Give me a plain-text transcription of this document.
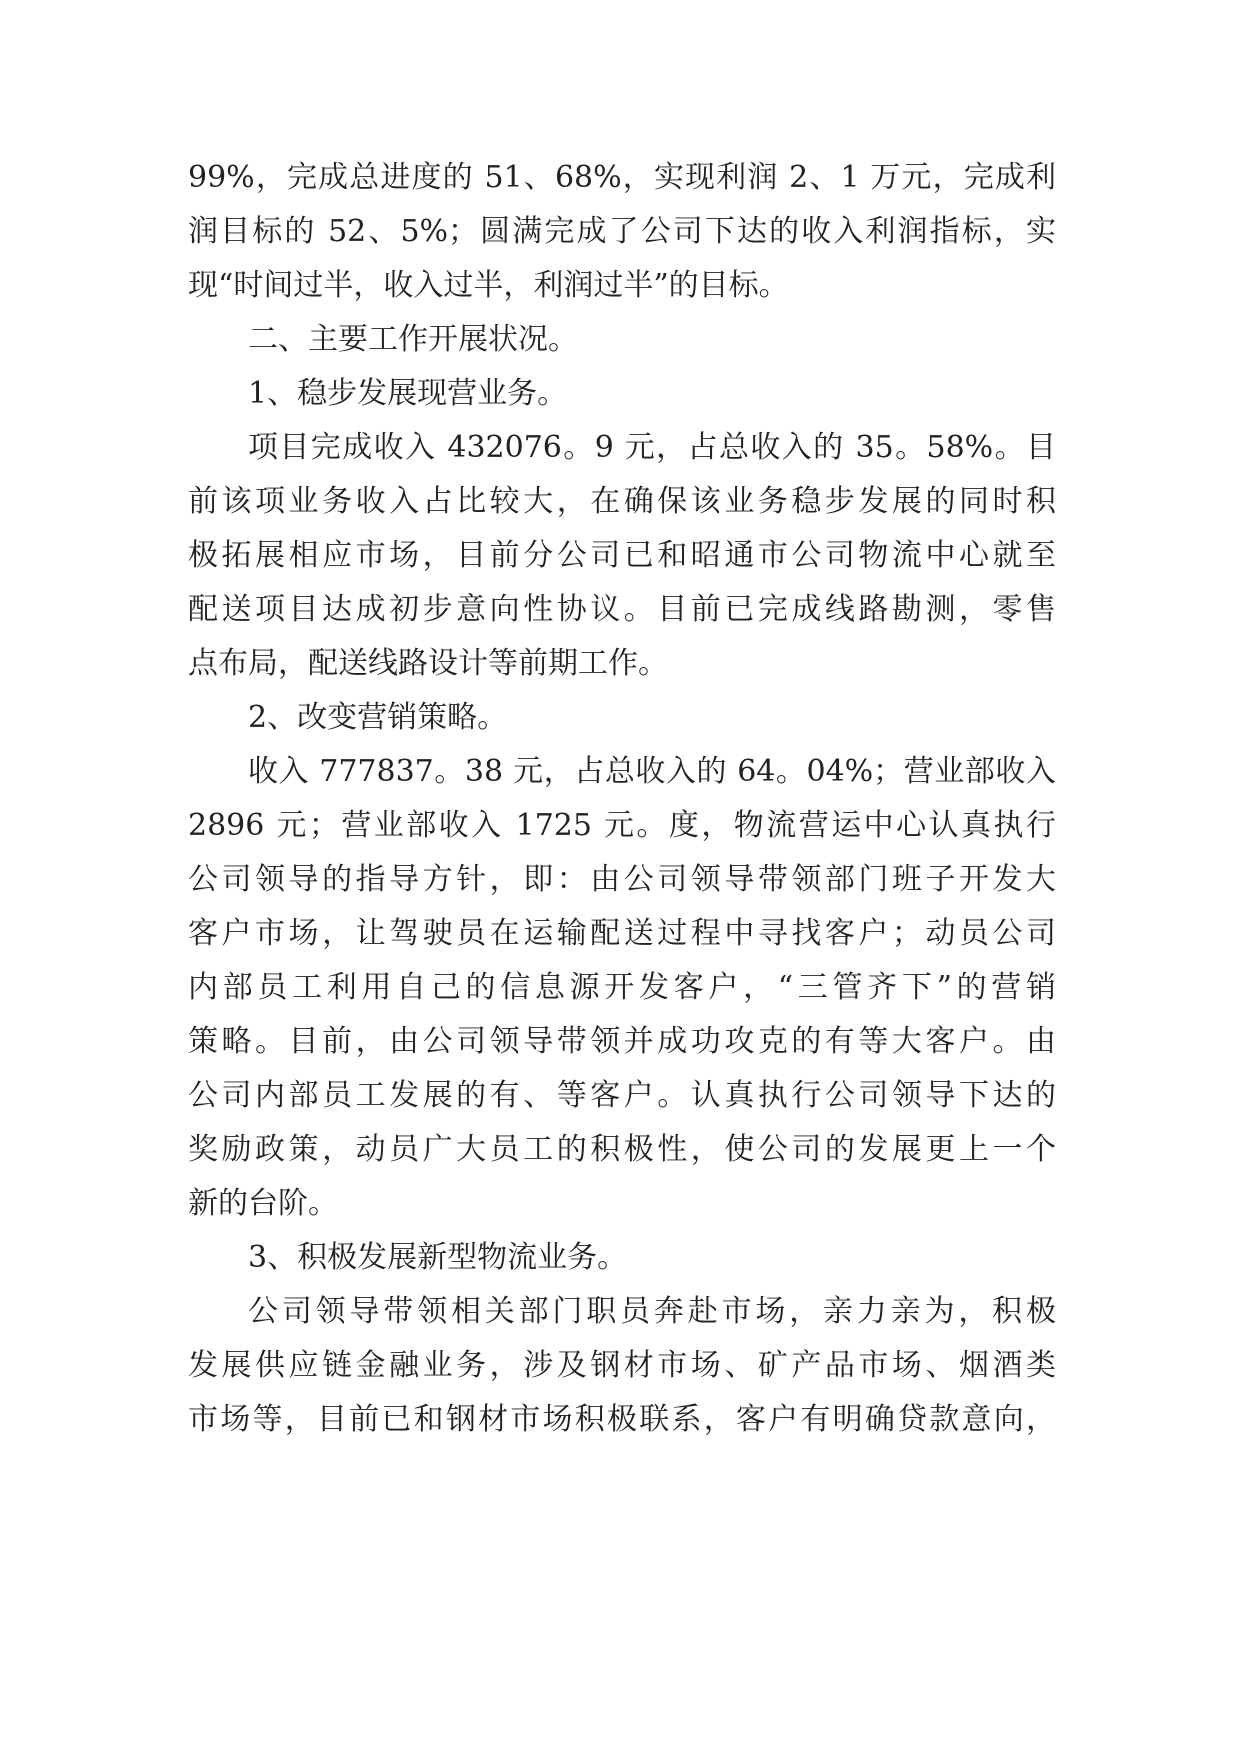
99%，完成总进度的 51、68%，实现利润 2、1 万元，完成利
润目标的 52、5%；圆满完成了公司下达的收入利润指标，实
现“时间过半，收入过半，利润过半”的目标。

二、主要工作开展状况。

1、稳步发展现营业务。

项目完成收入 432076。9 元，占总收入的 35。58%。目
前该项业务收入占比较大，在确保该业务稳步发展的同时积
极拓展相应市场，目前分公司已和昭通市公司物流中心就至
配送项目达成初步意向性协议。目前已完成线路勘测，零售
点布局，配送线路设计等前期工作。

2、改变营销策略。

收入 777837。38 元，占总收入的 64。04%；营业部收入
2896 元；营业部收入 1725 元。度，物流营运中心认真执行
公司领导的指导方针，即：由公司领导带领部门班子开发大
客户市场，让驾驶员在运输配送过程中寻找客户；动员公司
内部员工利用自己的信息源开发客户，“三管齐下”的营销
策略。目前，由公司领导带领并成功攻克的有等大客户。由
公司内部员工发展的有、等客户。认真执行公司领导下达的
奖励政策，动员广大员工的积极性，使公司的发展更上一个
新的台阶。

3、积极发展新型物流业务。

公司领导带领相关部门职员奔赴市场，亲力亲为，积极
发展供应链金融业务，涉及钢材市场、矿产品市场、烟酒类
市场等，目前已和钢材市场积极联系，客户有明确贷款意向，
